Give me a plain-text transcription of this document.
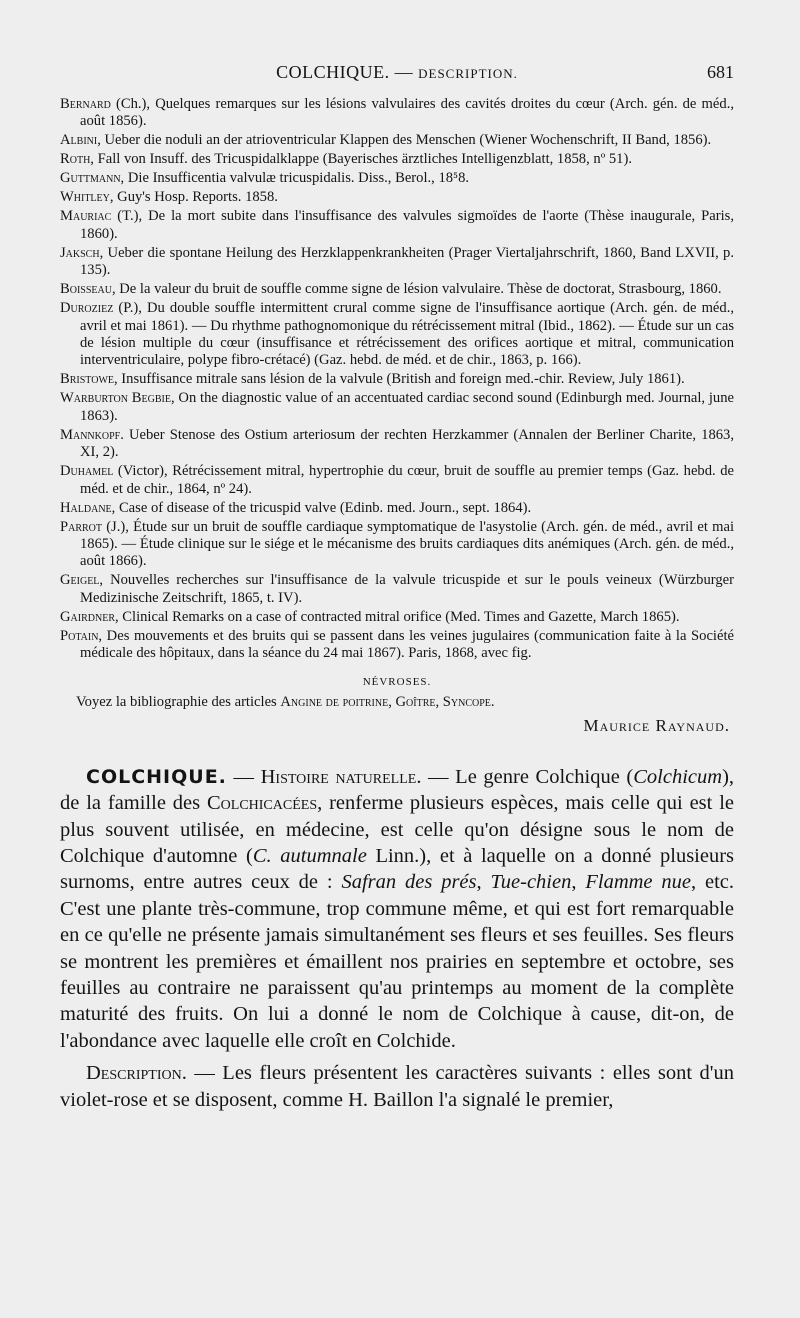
COLCHIQUE. — DESCRIPTION.	681
Bernard (Ch.), Quelques remarques sur les lésions valvulaires des cavités droites du cœur (Arch. gén. de méd., août 1856).
Albini, Ueber die noduli an der atrioventricular Klappen des Menschen (Wiener Wochenschrift, II Band, 1856).
Roth, Fall von Insuff. des Tricuspidalklappe (Bayerisches ärztliches Intelligenzblatt, 1858, nº 51).
Guttmann, Die Insufficentia valvulæ tricuspidalis. Diss., Berol., 18⁵8.
Whitley, Guy's Hosp. Reports. 1858.
Mauriac (T.), De la mort subite dans l'insuffisance des valvules sigmoïdes de l'aorte (Thèse inaugurale, Paris, 1860).
Jaksch, Ueber die spontane Heilung des Herzklappenkrankheiten (Prager Viertaljahrschrift, 1860, Band LXVII, p. 135).
Boisseau, De la valeur du bruit de souffle comme signe de lésion valvulaire. Thèse de doctorat, Strasbourg, 1860.
Duroziez (P.), Du double souffle intermittent crural comme signe de l'insuffisance aortique (Arch. gén. de méd., avril et mai 1861). — Du rhythme pathognomonique du rétrécissement mitral (Ibid., 1862). — Étude sur un cas de lésion multiple du cœur (insuffisance et rétrécissement des orifices aortique et mitral, communication interventriculaire, polype fibro-crétacé) (Gaz. hebd. de méd. et de chir., 1863, p. 166).
Bristowe, Insuffisance mitrale sans lésion de la valvule (British and foreign med.-chir. Review, July 1861).
Warburton Begbie, On the diagnostic value of an accentuated cardiac second sound (Edinburgh med. Journal, june 1863).
Mannkopf. Ueber Stenose des Ostium arteriosum der rechten Herzkammer (Annalen der Berliner Charite, 1863, XI, 2).
Duhamel (Victor), Rétrécissement mitral, hypertrophie du cœur, bruit de souffle au premier temps (Gaz. hebd. de méd. et de chir., 1864, nº 24).
Haldane, Case of disease of the tricuspid valve (Edinb. med. Journ., sept. 1864).
Parrot (J.), Étude sur un bruit de souffle cardiaque symptomatique de l'asystolie (Arch. gén. de méd., avril et mai 1865). — Étude clinique sur le siége et le mécanisme des bruits cardiaques dits anémiques (Arch. gén. de méd., août 1866).
Geigel, Nouvelles recherches sur l'insuffisance de la valvule tricuspide et sur le pouls veineux (Würzburger Medizinische Zeitschrift, 1865, t. IV).
Gairdner, Clinical Remarks on a case of contracted mitral orifice (Med. Times and Gazette, March 1865).
Potain, Des mouvements et des bruits qui se passent dans les veines jugulaires (communication faite à la Société médicale des hôpitaux, dans la séance du 24 mai 1867). Paris, 1868, avec fig.
NÉVROSES.
Voyez la bibliographie des articles Angine de poitrine, Goître, Syncope.
Maurice Raynaud.

COLCHIQUE. — Histoire naturelle. — Le genre Colchique (Colchicum), de la famille des Colchicacées, renferme plusieurs espèces, mais celle qui est le plus souvent utilisée, en médecine, est celle qu'on désigne sous le nom de Colchique d'automne (C. autumnale Linn.), et à laquelle on a donné plusieurs surnoms, entre autres ceux de : Safran des prés, Tue-chien, Flamme nue, etc. C'est une plante très-commune, trop commune même, et qui est fort remarquable en ce qu'elle ne présente jamais simultanément ses fleurs et ses feuilles. Ses fleurs se montrent les premières et émaillent nos prairies en septembre et octobre, ses feuilles au contraire ne paraissent qu'au printemps au moment de la complète maturité des fruits. On lui a donné le nom de Colchique à cause, dit-on, de l'abondance avec laquelle elle croît en Colchide.

Description. — Les fleurs présentent les caractères suivants : elles sont d'un violet-rose et se disposent, comme H. Baillon l'a signalé le premier,
